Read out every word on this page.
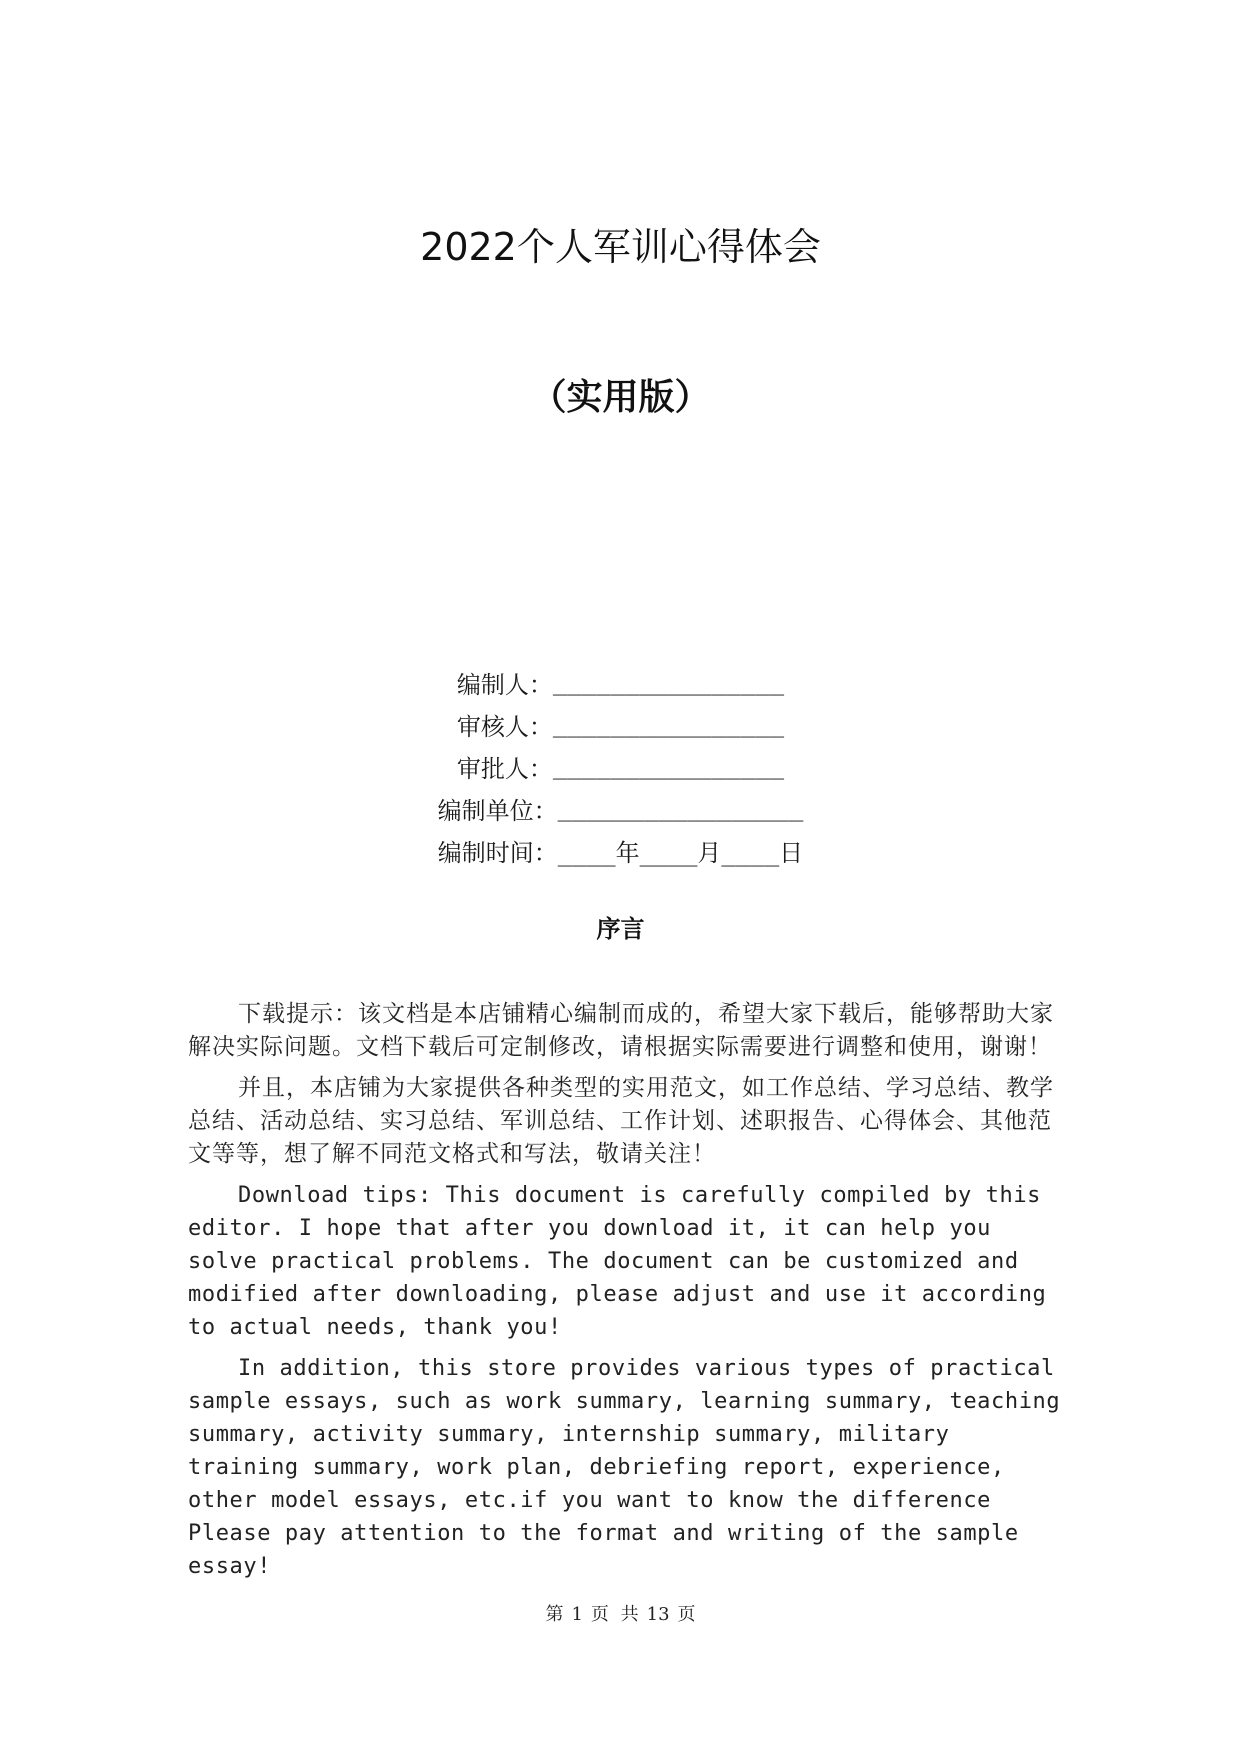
2022个人军训心得体会
（实用版）
编制人： ________________
审核人： ________________
审批人： ________________
编制单位： _________________
编制时间： ____年____月____日
序言

下载提示：该文档是本店铺精心编制而成的，希望大家下载后，能够帮助大家解决实际问题。文档下载后可定制修改，请根据实际需要进行调整和使用，谢谢！

并且，本店铺为大家提供各种类型的实用范文，如工作总结、学习总结、教学总结、活动总结、实习总结、军训总结、工作计划、述职报告、心得体会、其他范文等等，想了解不同范文格式和写法，敬请关注！

Download tips: This document is carefully compiled by this editor. I hope that after you download it, it can help you solve practical problems. The document can be customized and modified after downloading, please adjust and use it according to actual needs, thank you!

In addition, this store provides various types of practical sample essays, such as work summary, learning summary, teaching summary, activity summary, internship summary, military training summary, work plan, debriefing report, experience, other model essays, etc.if you want to know the difference Please pay attention to the format and writing of the sample essay!

第 1 页 共 13 页
